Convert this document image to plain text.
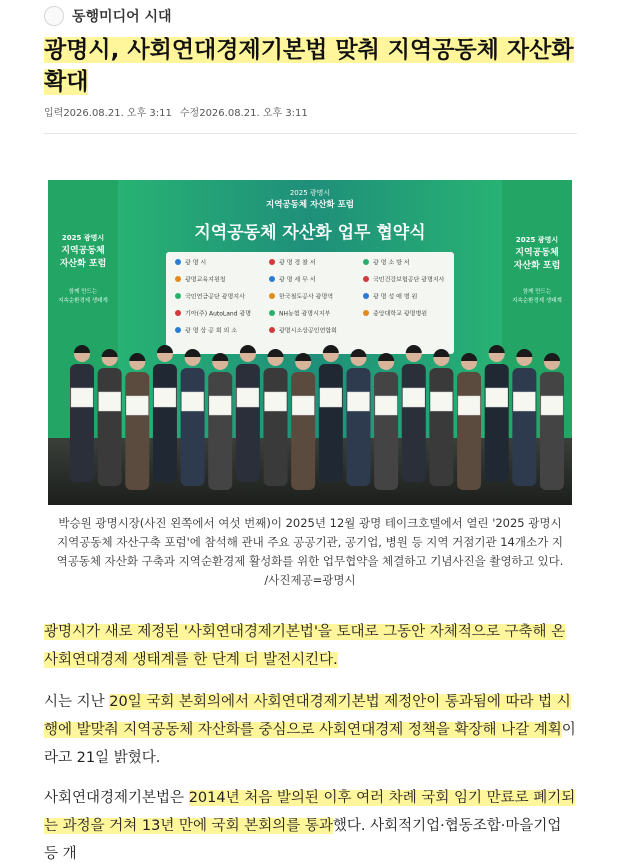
동행미디어 시대
광명시, 사회연대경제기본법 맞춰 지역공동체 자산화
확대
입력2026.08.21. 오후 3:11 수정2026.08.21. 오후 3:11
2025 광명시
지역공동체 자산화 포럼
지역공동체 자산화 업무 협약식
2025 광명시
지역공동체
자산화 포럼
함께 만드는
지속순환경제 생태계
2025 광명시
지역공동체
자산화 포럼
함께 만드는
지속순환경제 생태계
광 명 시	광 명 경 찰 서	광 명 소 방 서
광명교육지원청	광 명 세 무 서	국민건강보험공단 광명지사
국민연금공단 광명지사	한국철도공사 광명역	광 명 성 애 병 원
기아(주) AutoLand 광명	NH농협 광명시지부	중앙대학교 광명병원
광 명 상 공 회 의 소	광명시소상공인연합회

박승원 광명시장(사진 왼쪽에서 여섯 번째)이 2025년 12월 광명 테이크호텔에서 열린 '2025 광명시 지역공동체 자산구축 포럼'에 참석해 관내 주요 공공기관, 공기업, 병원 등 지역 거점기관 14개소가 지역공동체 자산화 구축과 지역순환경제 활성화를 위한 업무협약을 체결하고 기념사진을 촬영하고 있다. /사진제공=광명시

광명시가 새로 제정된 '사회연대경제기본법'을 토대로 그동안 자체적으로 구축해 온 사회연대경제 생태계를 한 단계 더 발전시킨다.

시는 지난 20일 국회 본회의에서 사회연대경제기본법 제정안이 통과됨에 따라 법 시행에 발맞춰 지역공동체 자산화를 중심으로 사회연대경제 정책을 확장해 나갈 계획이라고 21일 밝혔다.

사회연대경제기본법은 2014년 처음 발의된 이후 여러 차례 국회 임기 만료로 폐기되는 과정을 거쳐 13년 만에 국회 본회의를 통과했다. 사회적기업·협동조합·마을기업 등 개
